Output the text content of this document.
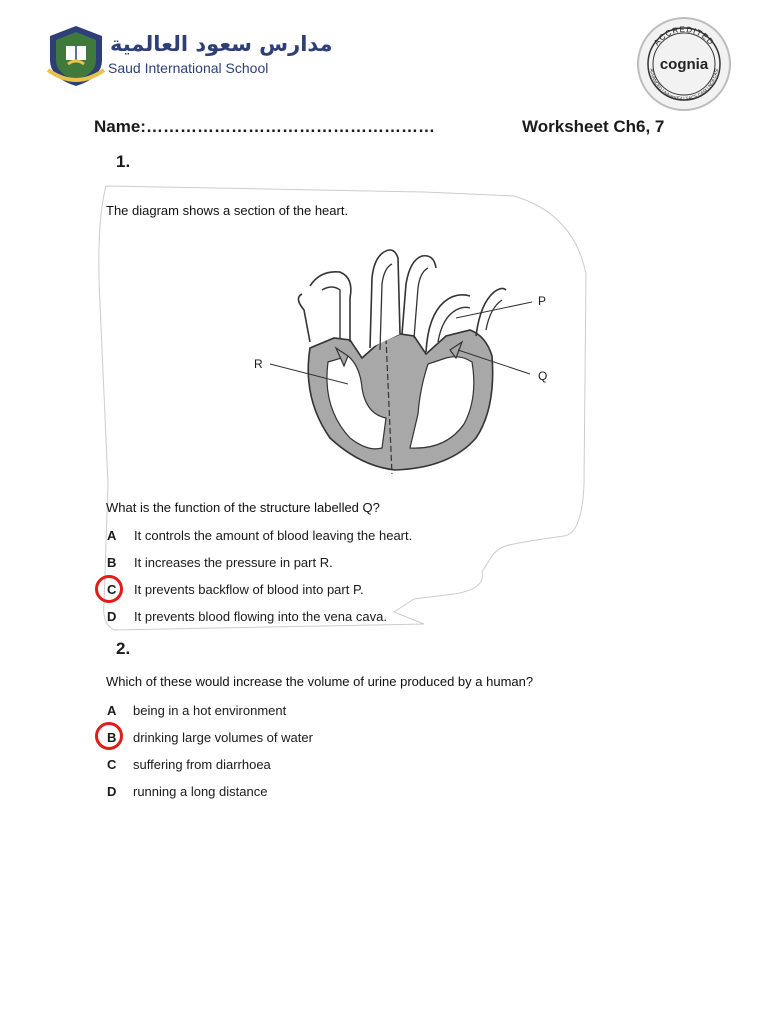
مدارس سعود العالمية
Saud International School
ACCREDITED
cognia
ADVANCED | AdvancEd | SACS CASI | NCA CASI
Name:……………………………………………	Worksheet Ch6, 7
1.
The diagram shows a section of the heart.
P
Q
R
What is the function of the structure labelled Q?
A It controls the amount of blood leaving the heart.
B It increases the pressure in part R.
C It prevents backflow of blood into part P.
D It prevents blood flowing into the vena cava.
2.
Which of these would increase the volume of urine produced by a human?
A being in a hot environment
B drinking large volumes of water
C suffering from diarrhoea
D running a long distance
